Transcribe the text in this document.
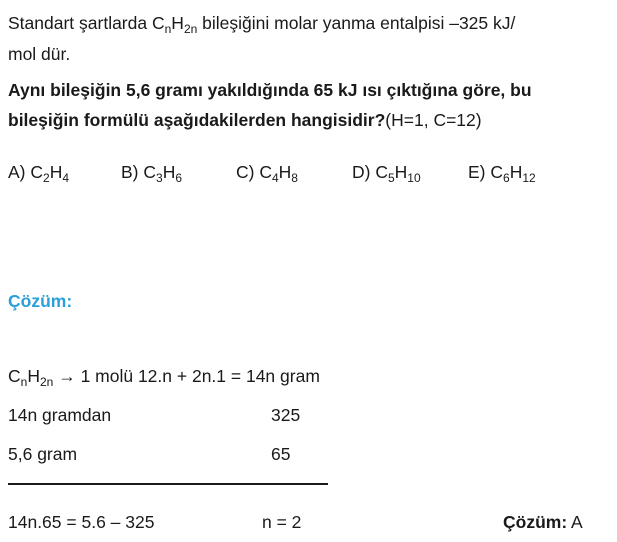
Standart şartlarda $C_nH_{2n}$ bileşiğini molar yanma entalpisi –325 kJ/
mol dür.
Aynı bileşiğin 5,6 gramı yakıldığında 65 kJ ısı çıktığına göre, bu
bileşiğin formülü aşağıdakilerden hangisidir?(H=1, C=12)
A) $C_2H_4$	B) $C_3H_6$	C) $C_4H_8$	D) $C_5H_{10}$	E) $C_6H_{12}$
Çözüm:
$C_nH_{2n} \to 1$ molü 12.n + 2n.1 = 14n gram
14n gramdan	325
5,6 gram	65
14n.65 = 5.6 – 325	n = 2	Çözüm: A
